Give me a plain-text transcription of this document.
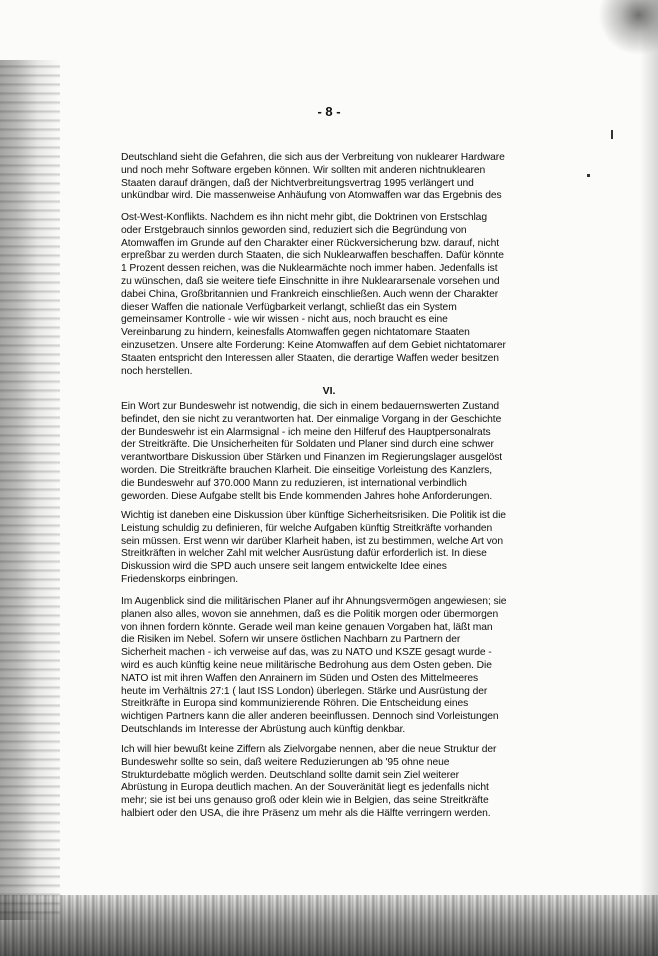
- 8 -
Deutschland sieht die Gefahren, die sich aus der Verbreitung von nuklearer Hardware
und noch mehr Software ergeben können. Wir sollten mit anderen nichtnuklearen
Staaten darauf drängen, daß der Nichtverbreitungsvertrag 1995 verlängert und
unkündbar wird. Die massenweise Anhäufung von Atomwaffen war das Ergebnis des
Ost-West-Konflikts. Nachdem es ihn nicht mehr gibt, die Doktrinen von Erstschlag
oder Erstgebrauch sinnlos geworden sind, reduziert sich die Begründung von
Atomwaffen im Grunde auf den Charakter einer Rückversicherung bzw. darauf, nicht
erpreßbar zu werden durch Staaten, die sich Nuklearwaffen beschaffen. Dafür könnte
1 Prozent dessen reichen, was die Nuklearmächte noch immer haben. Jedenfalls ist
zu wünschen, daß sie weitere tiefe Einschnitte in ihre Nukleararsenale vorsehen und
dabei China, Großbritannien und Frankreich einschließen. Auch wenn der Charakter
dieser Waffen die nationale Verfügbarkeit verlangt, schließt das ein System
gemeinsamer Kontrolle - wie wir wissen - nicht aus, noch braucht es eine
Vereinbarung zu hindern, keinesfalls Atomwaffen gegen nichtatomare Staaten
einzusetzen. Unsere alte Forderung: Keine Atomwaffen auf dem Gebiet nichtatomarer
Staaten entspricht den Interessen aller Staaten, die derartige Waffen weder besitzen
noch herstellen.
VI.
Ein Wort zur Bundeswehr ist notwendig, die sich in einem bedauernswerten Zustand
befindet, den sie nicht zu verantworten hat. Der einmalige Vorgang in der Geschichte
der Bundeswehr ist ein Alarmsignal - ich meine den Hilferuf des Hauptpersonalrats
der Streitkräfte. Die Unsicherheiten für Soldaten und Planer sind durch eine schwer
verantwortbare Diskussion über Stärken und Finanzen im Regierungslager ausgelöst
worden. Die Streitkräfte brauchen Klarheit. Die einseitige Vorleistung des Kanzlers,
die Bundeswehr auf 370.000 Mann zu reduzieren, ist international verbindlich
geworden. Diese Aufgabe stellt bis Ende kommenden Jahres hohe Anforderungen.
Wichtig ist daneben eine Diskussion über künftige Sicherheitsrisiken. Die Politik ist die
Leistung schuldig zu definieren, für welche Aufgaben künftig Streitkräfte vorhanden
sein müssen. Erst wenn wir darüber Klarheit haben, ist zu bestimmen, welche Art von
Streitkräften in welcher Zahl mit welcher Ausrüstung dafür erforderlich ist. In diese
Diskussion wird die SPD auch unsere seit langem entwickelte Idee eines
Friedenskorps einbringen.
Im Augenblick sind die militärischen Planer auf ihr Ahnungsvermögen angewiesen; sie
planen also alles, wovon sie annehmen, daß es die Politik morgen oder übermorgen
von ihnen fordern könnte. Gerade weil man keine genauen Vorgaben hat, läßt man
die Risiken im Nebel. Sofern wir unsere östlichen Nachbarn zu Partnern der
Sicherheit machen - ich verweise auf das, was zu NATO und KSZE gesagt wurde -
wird es auch künftig keine neue militärische Bedrohung aus dem Osten geben. Die
NATO ist mit ihren Waffen den Anrainern im Süden und Osten des Mittelmeeres
heute im Verhältnis 27:1 ( laut ISS London) überlegen. Stärke und Ausrüstung der
Streitkräfte in Europa sind kommunizierende Röhren. Die Entscheidung eines
wichtigen Partners kann die aller anderen beeinflussen. Dennoch sind Vorleistungen
Deutschlands im Interesse der Abrüstung auch künftig denkbar.
Ich will hier bewußt keine Ziffern als Zielvorgabe nennen, aber die neue Struktur der
Bundeswehr sollte so sein, daß weitere Reduzierungen ab '95 ohne neue
Strukturdebatte möglich werden. Deutschland sollte damit sein Ziel weiterer
Abrüstung in Europa deutlich machen. An der Souveränität liegt es jedenfalls nicht
mehr; sie ist bei uns genauso groß oder klein wie in Belgien, das seine Streitkräfte
halbiert oder den USA, die ihre Präsenz um mehr als die Hälfte verringern werden.
